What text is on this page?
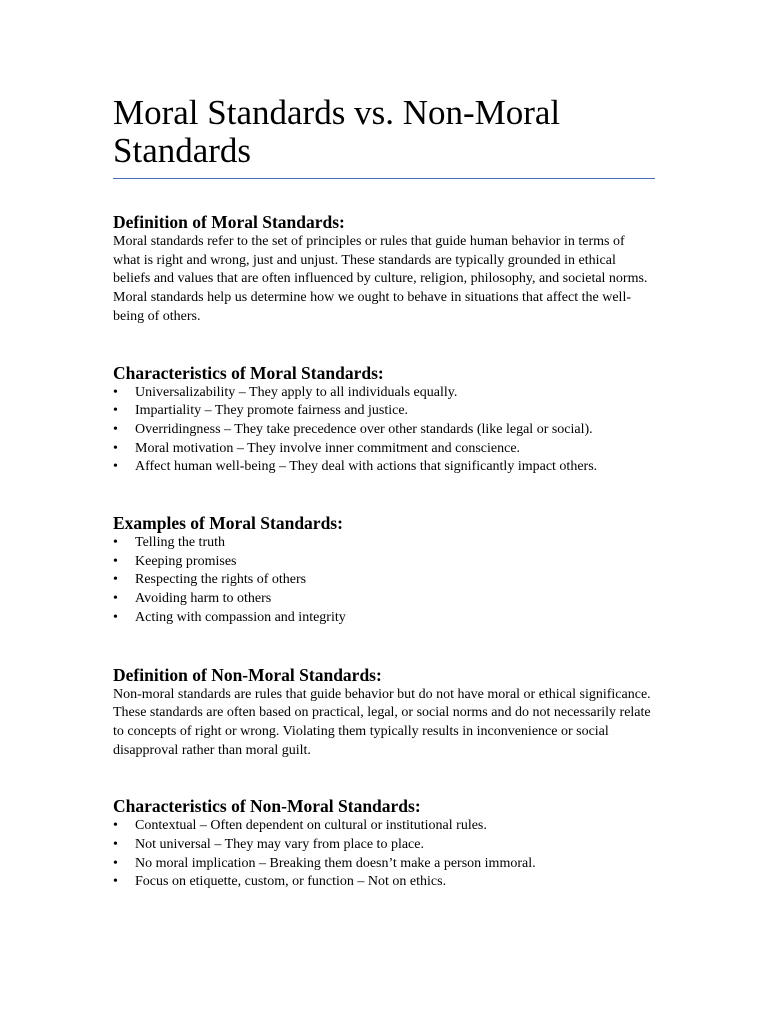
Moral Standards vs. Non-Moral Standards
Definition of Moral Standards:

Moral standards refer to the set of principles or rules that guide human behavior in terms of what is right and wrong, just and unjust. These standards are typically grounded in ethical beliefs and values that are often influenced by culture, religion, philosophy, and societal norms. Moral standards help us determine how we ought to behave in situations that affect the well-being of others.

Characteristics of Moral Standards:
• Universalizability – They apply to all individuals equally.
• Impartiality – They promote fairness and justice.
• Overridingness – They take precedence over other standards (like legal or social).
• Moral motivation – They involve inner commitment and conscience.
• Affect human well-being – They deal with actions that significantly impact others.
Examples of Moral Standards:
• Telling the truth
• Keeping promises
• Respecting the rights of others
• Avoiding harm to others
• Acting with compassion and integrity
Definition of Non-Moral Standards:

Non-moral standards are rules that guide behavior but do not have moral or ethical significance. These standards are often based on practical, legal, or social norms and do not necessarily relate to concepts of right or wrong. Violating them typically results in inconvenience or social disapproval rather than moral guilt.

Characteristics of Non-Moral Standards:
• Contextual – Often dependent on cultural or institutional rules.
• Not universal – They may vary from place to place.
• No moral implication – Breaking them doesn’t make a person immoral.
• Focus on etiquette, custom, or function – Not on ethics.
